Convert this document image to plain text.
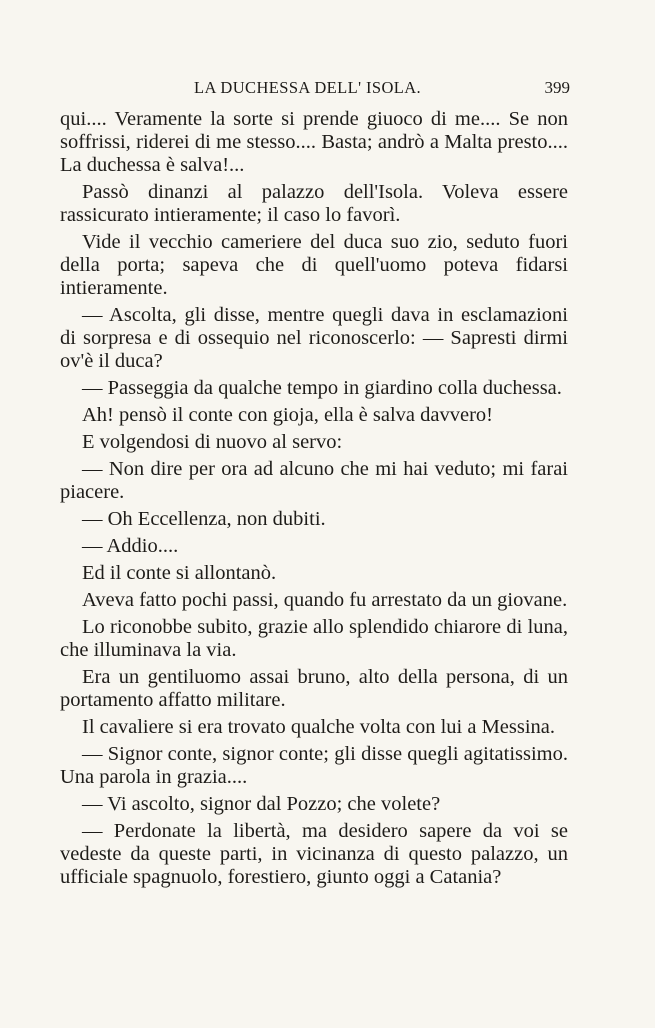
LA DUCHESSA DELL' ISOLA.	399

qui.... Veramente la sorte si prende giuoco di me.... Se non soffrissi, riderei di me stesso.... Basta; andrò a Malta presto.... La duchessa è salva!...

Passò dinanzi al palazzo dell'Isola. Voleva essere rassicurato intieramente; il caso lo favorì.

Vide il vecchio cameriere del duca suo zio, seduto fuori della porta; sapeva che di quell'uomo poteva fidarsi intieramente.

— Ascolta, gli disse, mentre quegli dava in esclamazioni di sorpresa e di ossequio nel riconoscerlo: — Sapresti dirmi ov'è il duca?

— Passeggia da qualche tempo in giardino colla duchessa.

Ah! pensò il conte con gioja, ella è salva davvero!

E volgendosi di nuovo al servo:

— Non dire per ora ad alcuno che mi hai veduto; mi farai piacere.

— Oh Eccellenza, non dubiti.

— Addio....

Ed il conte si allontanò.

Aveva fatto pochi passi, quando fu arrestato da un giovane.

Lo riconobbe subito, grazie allo splendido chiarore di luna, che illuminava la via.

Era un gentiluomo assai bruno, alto della persona, di un portamento affatto militare.

Il cavaliere si era trovato qualche volta con lui a Messina.

— Signor conte, signor conte; gli disse quegli agitatissimo. Una parola in grazia....

— Vi ascolto, signor dal Pozzo; che volete?

— Perdonate la libertà, ma desidero sapere da voi se vedeste da queste parti, in vicinanza di questo palazzo, un ufficiale spagnuolo, forestiero, giunto oggi a Catania?
